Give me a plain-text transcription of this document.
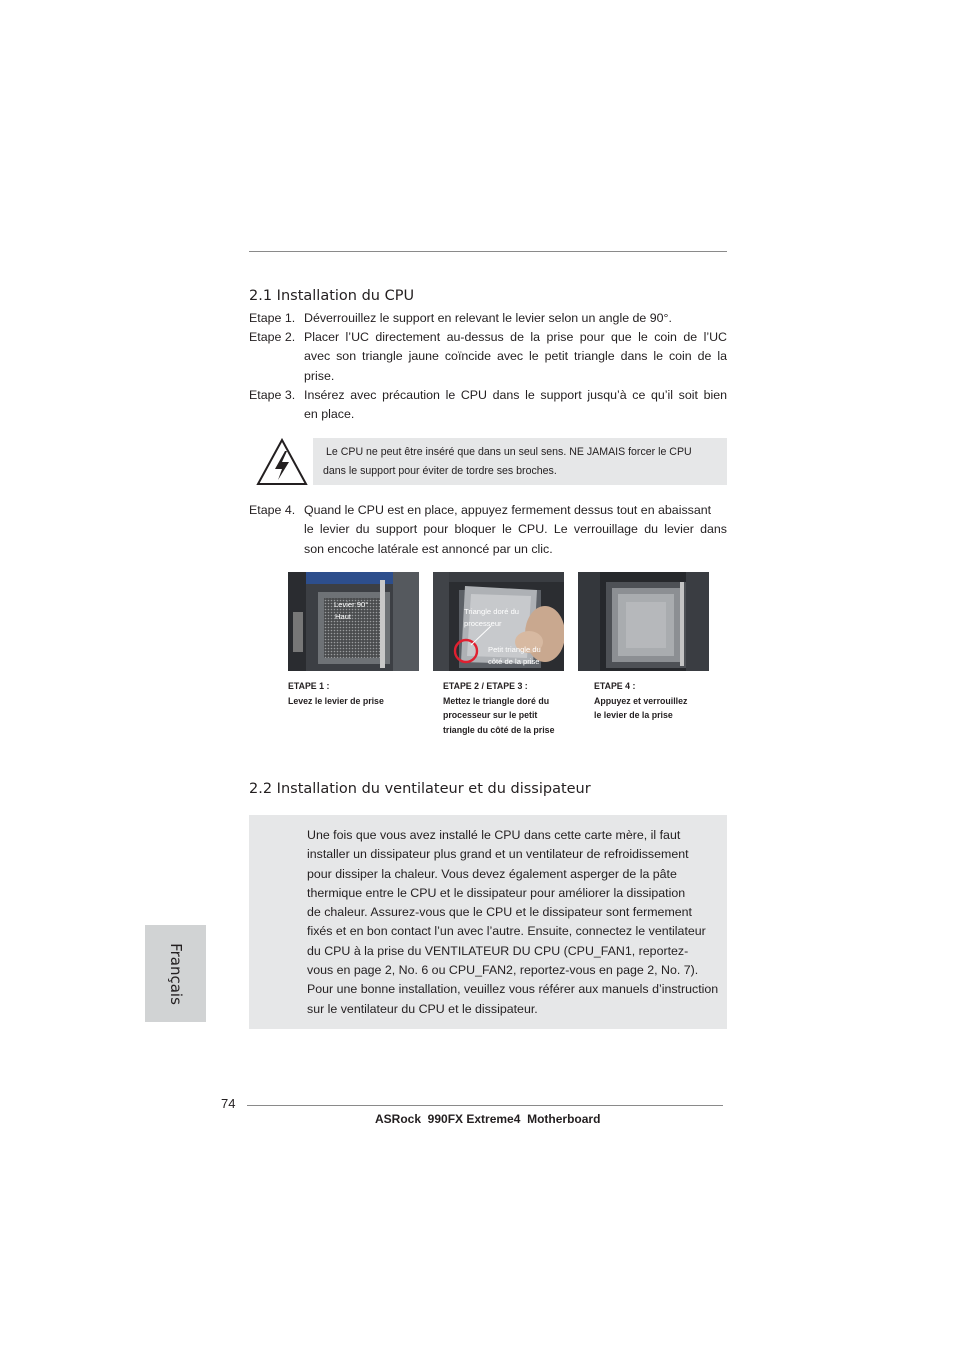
2.1 Installation du CPU
Etape 1. Déverrouillez le support en relevant le levier selon un angle de 90°.
Etape 2. Placer l’UC directement au-dessus de la prise pour que le coin de l’UC
avec son triangle jaune coïncide avec le petit triangle dans le coin de la
prise.
Etape 3. Insérez avec précaution le CPU dans le support jusqu’à ce qu’il soit bien
en place.
Le CPU ne peut être inséré que dans un seul sens. NE JAMAIS forcer le CPU
dans le support pour éviter de tordre ses broches.
Etape 4. Quand le CPU est en place, appuyez fermement dessus tout en abaissant
le levier du support pour bloquer le CPU. Le verrouillage du levier dans
son encoche latérale est annoncé par un clic.
Levier 90°
Haut
Triangle doré du
processeur
Petit triangle du
côté de la prise
ETAPE 1 :
Levez le levier de prise
ETAPE 2 / ETAPE 3 :
Mettez le triangle doré du
processeur sur le petit
triangle du côté de la prise
ETAPE 4 :
Appuyez et verrouillez
le levier de la prise
2.2 Installation du ventilateur et du dissipateur
Une fois que vous avez installé le CPU dans cette carte mère, il faut
installer un dissipateur plus grand et un ventilateur de refroidissement
pour dissiper la chaleur. Vous devez également asperger de la pâte
thermique entre le CPU et le dissipateur pour améliorer la dissipation
de chaleur. Assurez-vous que le CPU et le dissipateur sont fermement
fixés et en bon contact l’un avec l’autre. Ensuite, connectez le ventilateur
du CPU à la prise du VENTILATEUR DU CPU (CPU_FAN1, reportez-
vous en page 2, No. 6 ou CPU_FAN2, reportez-vous en page 2, No. 7).
Pour une bonne installation, veuillez vous référer aux manuels d’instruction
sur le ventilateur du CPU et le dissipateur.
Français
74
ASRock  990FX Extreme4  Motherboard
